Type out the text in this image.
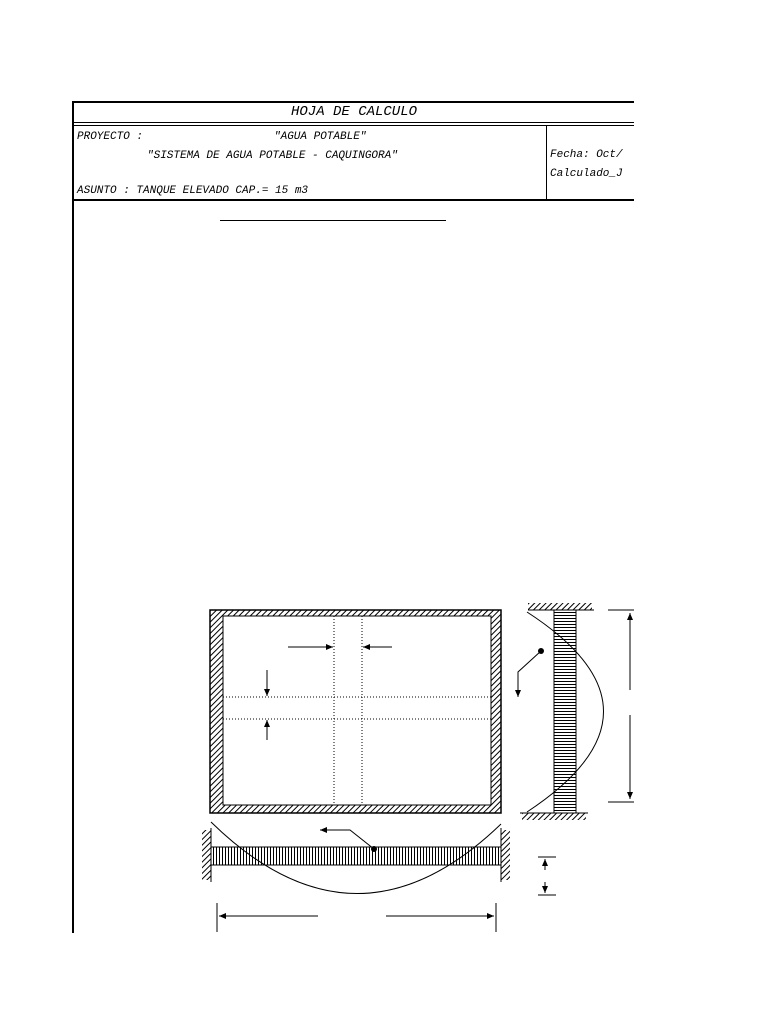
HOJA DE CALCULO
PROYECTO :	"AGUA POTABLE"
"SISTEMA DE AGUA POTABLE - CAQUINGORA"
ASUNTO : TANQUE ELEVADO CAP.= 15 m3
Fecha: Oct/
Calculado_J
